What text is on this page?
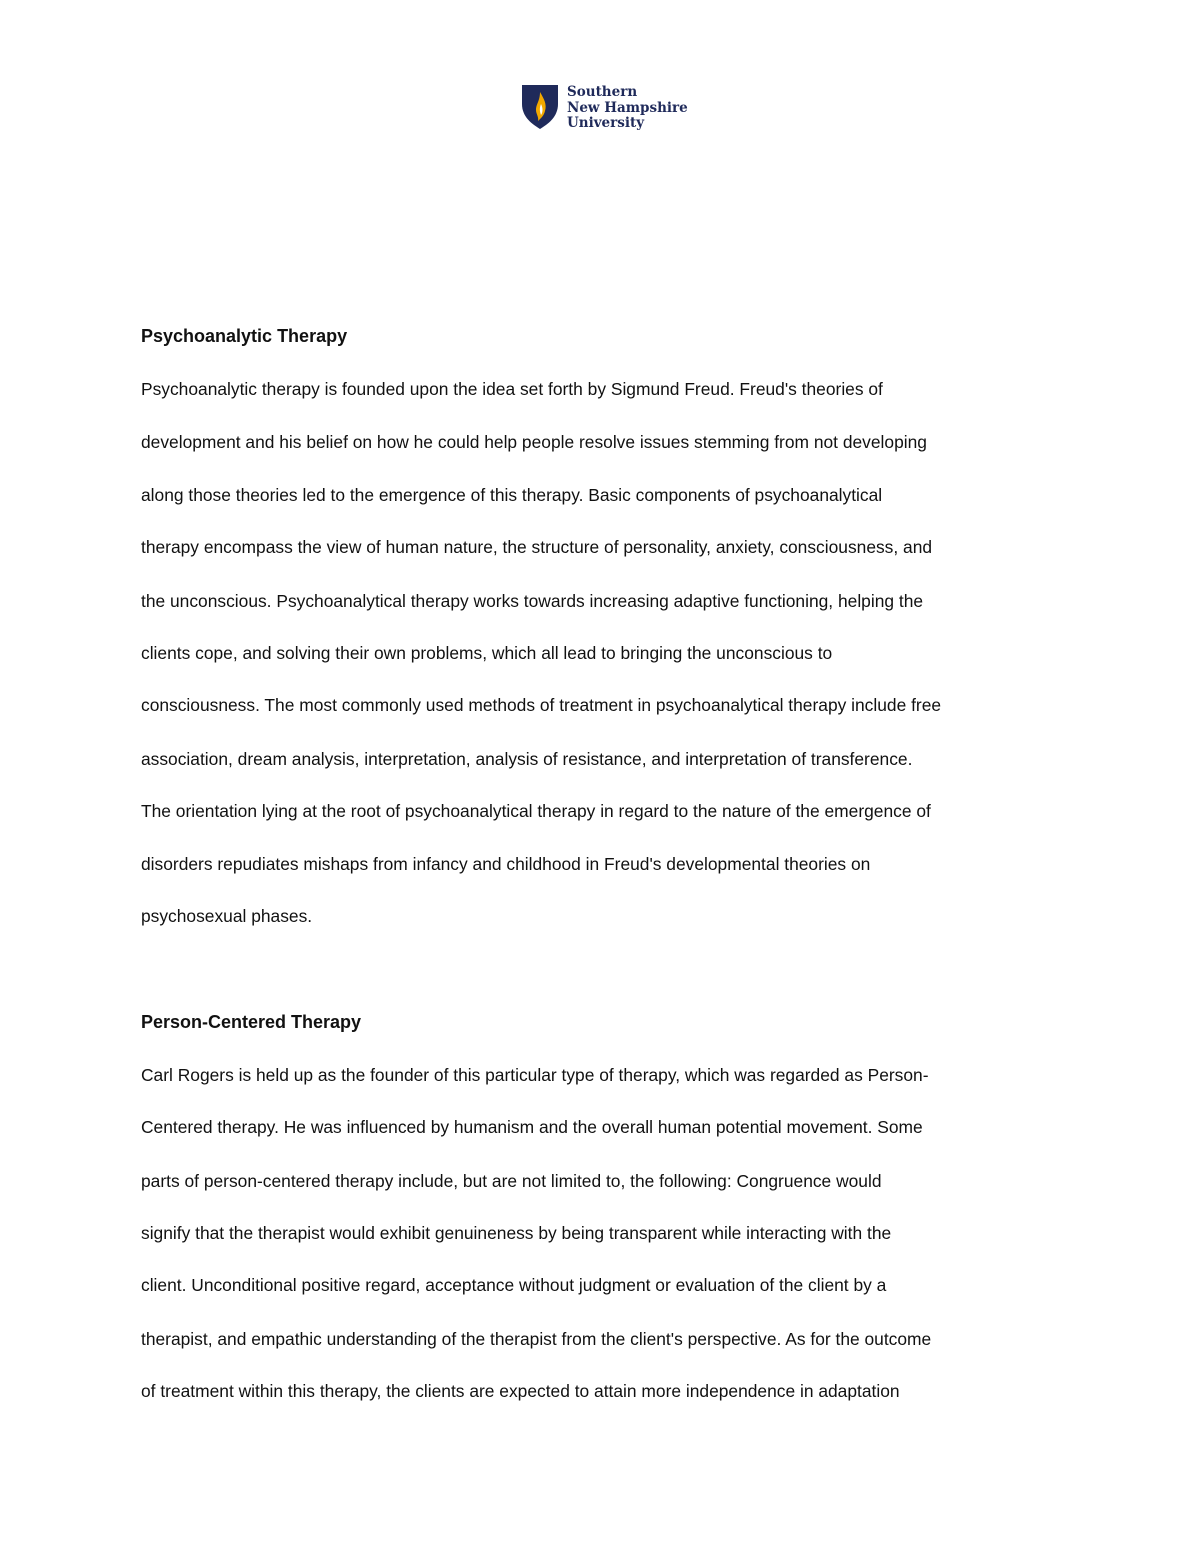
Southern
New Hampshire
University
Psychoanalytic Therapy
Psychoanalytic therapy is founded upon the idea set forth by Sigmund Freud. Freud's theories of
development and his belief on how he could help people resolve issues stemming from not developing
along those theories led to the emergence of this therapy. Basic components of psychoanalytical
therapy encompass the view of human nature, the structure of personality, anxiety, consciousness, and
the unconscious. Psychoanalytical therapy works towards increasing adaptive functioning, helping the
clients cope, and solving their own problems, which all lead to bringing the unconscious to
consciousness. The most commonly used methods of treatment in psychoanalytical therapy include free
association, dream analysis, interpretation, analysis of resistance, and interpretation of transference.
The orientation lying at the root of psychoanalytical therapy in regard to the nature of the emergence of
disorders repudiates mishaps from infancy and childhood in Freud's developmental theories on
psychosexual phases.
Person-Centered Therapy
Carl Rogers is held up as the founder of this particular type of therapy, which was regarded as Person-
Centered therapy. He was influenced by humanism and the overall human potential movement. Some
parts of person-centered therapy include, but are not limited to, the following: Congruence would
signify that the therapist would exhibit genuineness by being transparent while interacting with the
client. Unconditional positive regard, acceptance without judgment or evaluation of the client by a
therapist, and empathic understanding of the therapist from the client's perspective. As for the outcome
of treatment within this therapy, the clients are expected to attain more independence in adaptation
